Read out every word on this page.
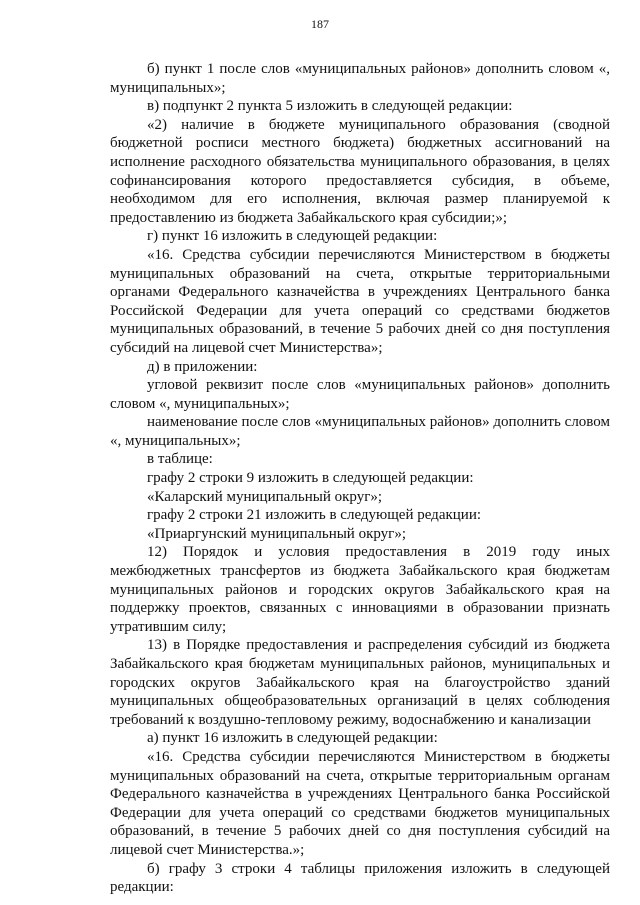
187

б) пункт 1 после слов «муниципальных районов» дополнить словом «, муниципальных»;

в) подпункт 2 пункта 5 изложить в следующей редакции:

«2) наличие в бюджете муниципального образования (сводной бюджетной росписи местного бюджета) бюджетных ассигнований на исполнение расходного обязательства муниципального образования, в целях софинансирования которого предоставляется субсидия, в объеме, необходимом для его исполнения, включая размер планируемой к предоставлению из бюджета Забайкальского края субсидии;»;

г) пункт 16 изложить в следующей редакции:

«16. Средства субсидии перечисляются Министерством в бюджеты муниципальных образований на счета, открытые территориальными органами Федерального казначейства в учреждениях Центрального банка Российской Федерации для учета операций со средствами бюджетов муниципальных образований, в течение 5 рабочих дней со дня поступления субсидий на лицевой счет Министерства»;

д) в приложении:

угловой реквизит после слов «муниципальных районов» дополнить словом «, муниципальных»;

наименование после слов «муниципальных районов» дополнить словом «, муниципальных»;

в таблице:

графу 2 строки 9 изложить в следующей редакции:

«Каларский муниципальный округ»;

графу 2 строки 21 изложить в следующей редакции:

«Приаргунский муниципальный округ»;

12) Порядок и условия предоставления в 2019 году иных межбюджетных трансфертов из бюджета Забайкальского края бюджетам муниципальных районов и городских округов Забайкальского края на поддержку проектов, связанных с инновациями в образовании признать утратившим силу;

13) в Порядке предоставления и распределения субсидий из бюджета Забайкальского края бюджетам муниципальных районов, муниципальных и городских округов Забайкальского края на благоустройство зданий муниципальных общеобразовательных организаций в целях соблюдения требований к воздушно-тепловому режиму, водоснабжению и канализации

а) пункт 16 изложить в следующей редакции:

«16. Средства субсидии перечисляются Министерством в бюджеты муниципальных образований на счета, открытые территориальным органам Федерального казначейства в учреждениях Центрального банка Российской Федерации для учета операций со средствами бюджетов муниципальных образований, в течение 5 рабочих дней со дня поступления субсидий на лицевой счет Министерства.»;

б) графу 3 строки 4 таблицы приложения изложить в следующей редакции:
